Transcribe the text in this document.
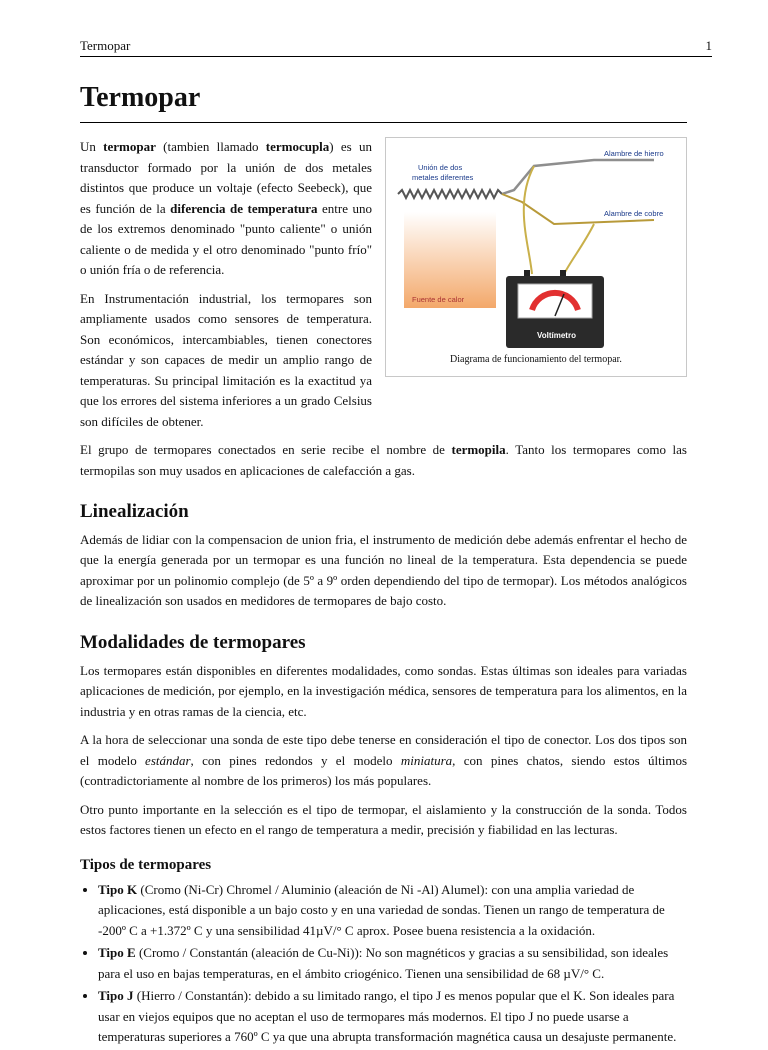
Termopar	1
Termopar
Fuente de calor
Unión de dos
metales diferentes
Alambre de hierro
Alambre de cobre
Voltímetro
Diagrama de funcionamiento del termopar.

Un termopar (tambien llamado termocupla) es un transductor formado por la unión de dos metales distintos que produce un voltaje (efecto Seebeck), que es función de la diferencia de temperatura entre uno de los extremos denominado "punto caliente" o unión caliente o de medida y el otro denominado "punto frío" o unión fría o de referencia.

En Instrumentación industrial, los termopares son ampliamente usados como sensores de temperatura. Son económicos, intercambiables, tienen conectores estándar y son capaces de medir un amplio rango de temperaturas. Su principal limitación es la exactitud ya que los errores del sistema inferiores a un grado Celsius son difíciles de obtener.

El grupo de termopares conectados en serie recibe el nombre de termopila. Tanto los termopares como las termopilas son muy usados en aplicaciones de calefacción a gas.

Linealización

Además de lidiar con la compensacion de union fria, el instrumento de medición debe además enfrentar el hecho de que la energía generada por un termopar es una función no lineal de la temperatura. Esta dependencia se puede aproximar por un polinomio complejo (de 5º a 9º orden dependiendo del tipo de termopar). Los métodos analógicos de linealización son usados en medidores de termopares de bajo costo.

Modalidades de termopares

Los termopares están disponibles en diferentes modalidades, como sondas. Estas últimas son ideales para variadas aplicaciones de medición, por ejemplo, en la investigación médica, sensores de temperatura para los alimentos, en la industria y en otras ramas de la ciencia, etc.

A la hora de seleccionar una sonda de este tipo debe tenerse en consideración el tipo de conector. Los dos tipos son el modelo estándar, con pines redondos y el modelo miniatura, con pines chatos, siendo estos últimos (contradictoriamente al nombre de los primeros) los más populares.

Otro punto importante en la selección es el tipo de termopar, el aislamiento y la construcción de la sonda. Todos estos factores tienen un efecto en el rango de temperatura a medir, precisión y fiabilidad en las lecturas.

Tipos de termopares
• Tipo K (Cromo (Ni-Cr) Chromel / Aluminio (aleación de Ni -Al) Alumel): con una amplia variedad de aplicaciones, está disponible a un bajo costo y en una variedad de sondas. Tienen un rango de temperatura de -200º C a +1.372º C y una sensibilidad 41µV/° C aprox. Posee buena resistencia a la oxidación.
• Tipo E (Cromo / Constantán (aleación de Cu-Ni)): No son magnéticos y gracias a su sensibilidad, son ideales para el uso en bajas temperaturas, en el ámbito criogénico. Tienen una sensibilidad de 68 µV/° C.
• Tipo J (Hierro / Constantán): debido a su limitado rango, el tipo J es menos popular que el K. Son ideales para usar en viejos equipos que no aceptan el uso de termopares más modernos. El tipo J no puede usarse a temperaturas superiores a 760º C ya que una abrupta transformación magnética causa un desajuste permanente.
